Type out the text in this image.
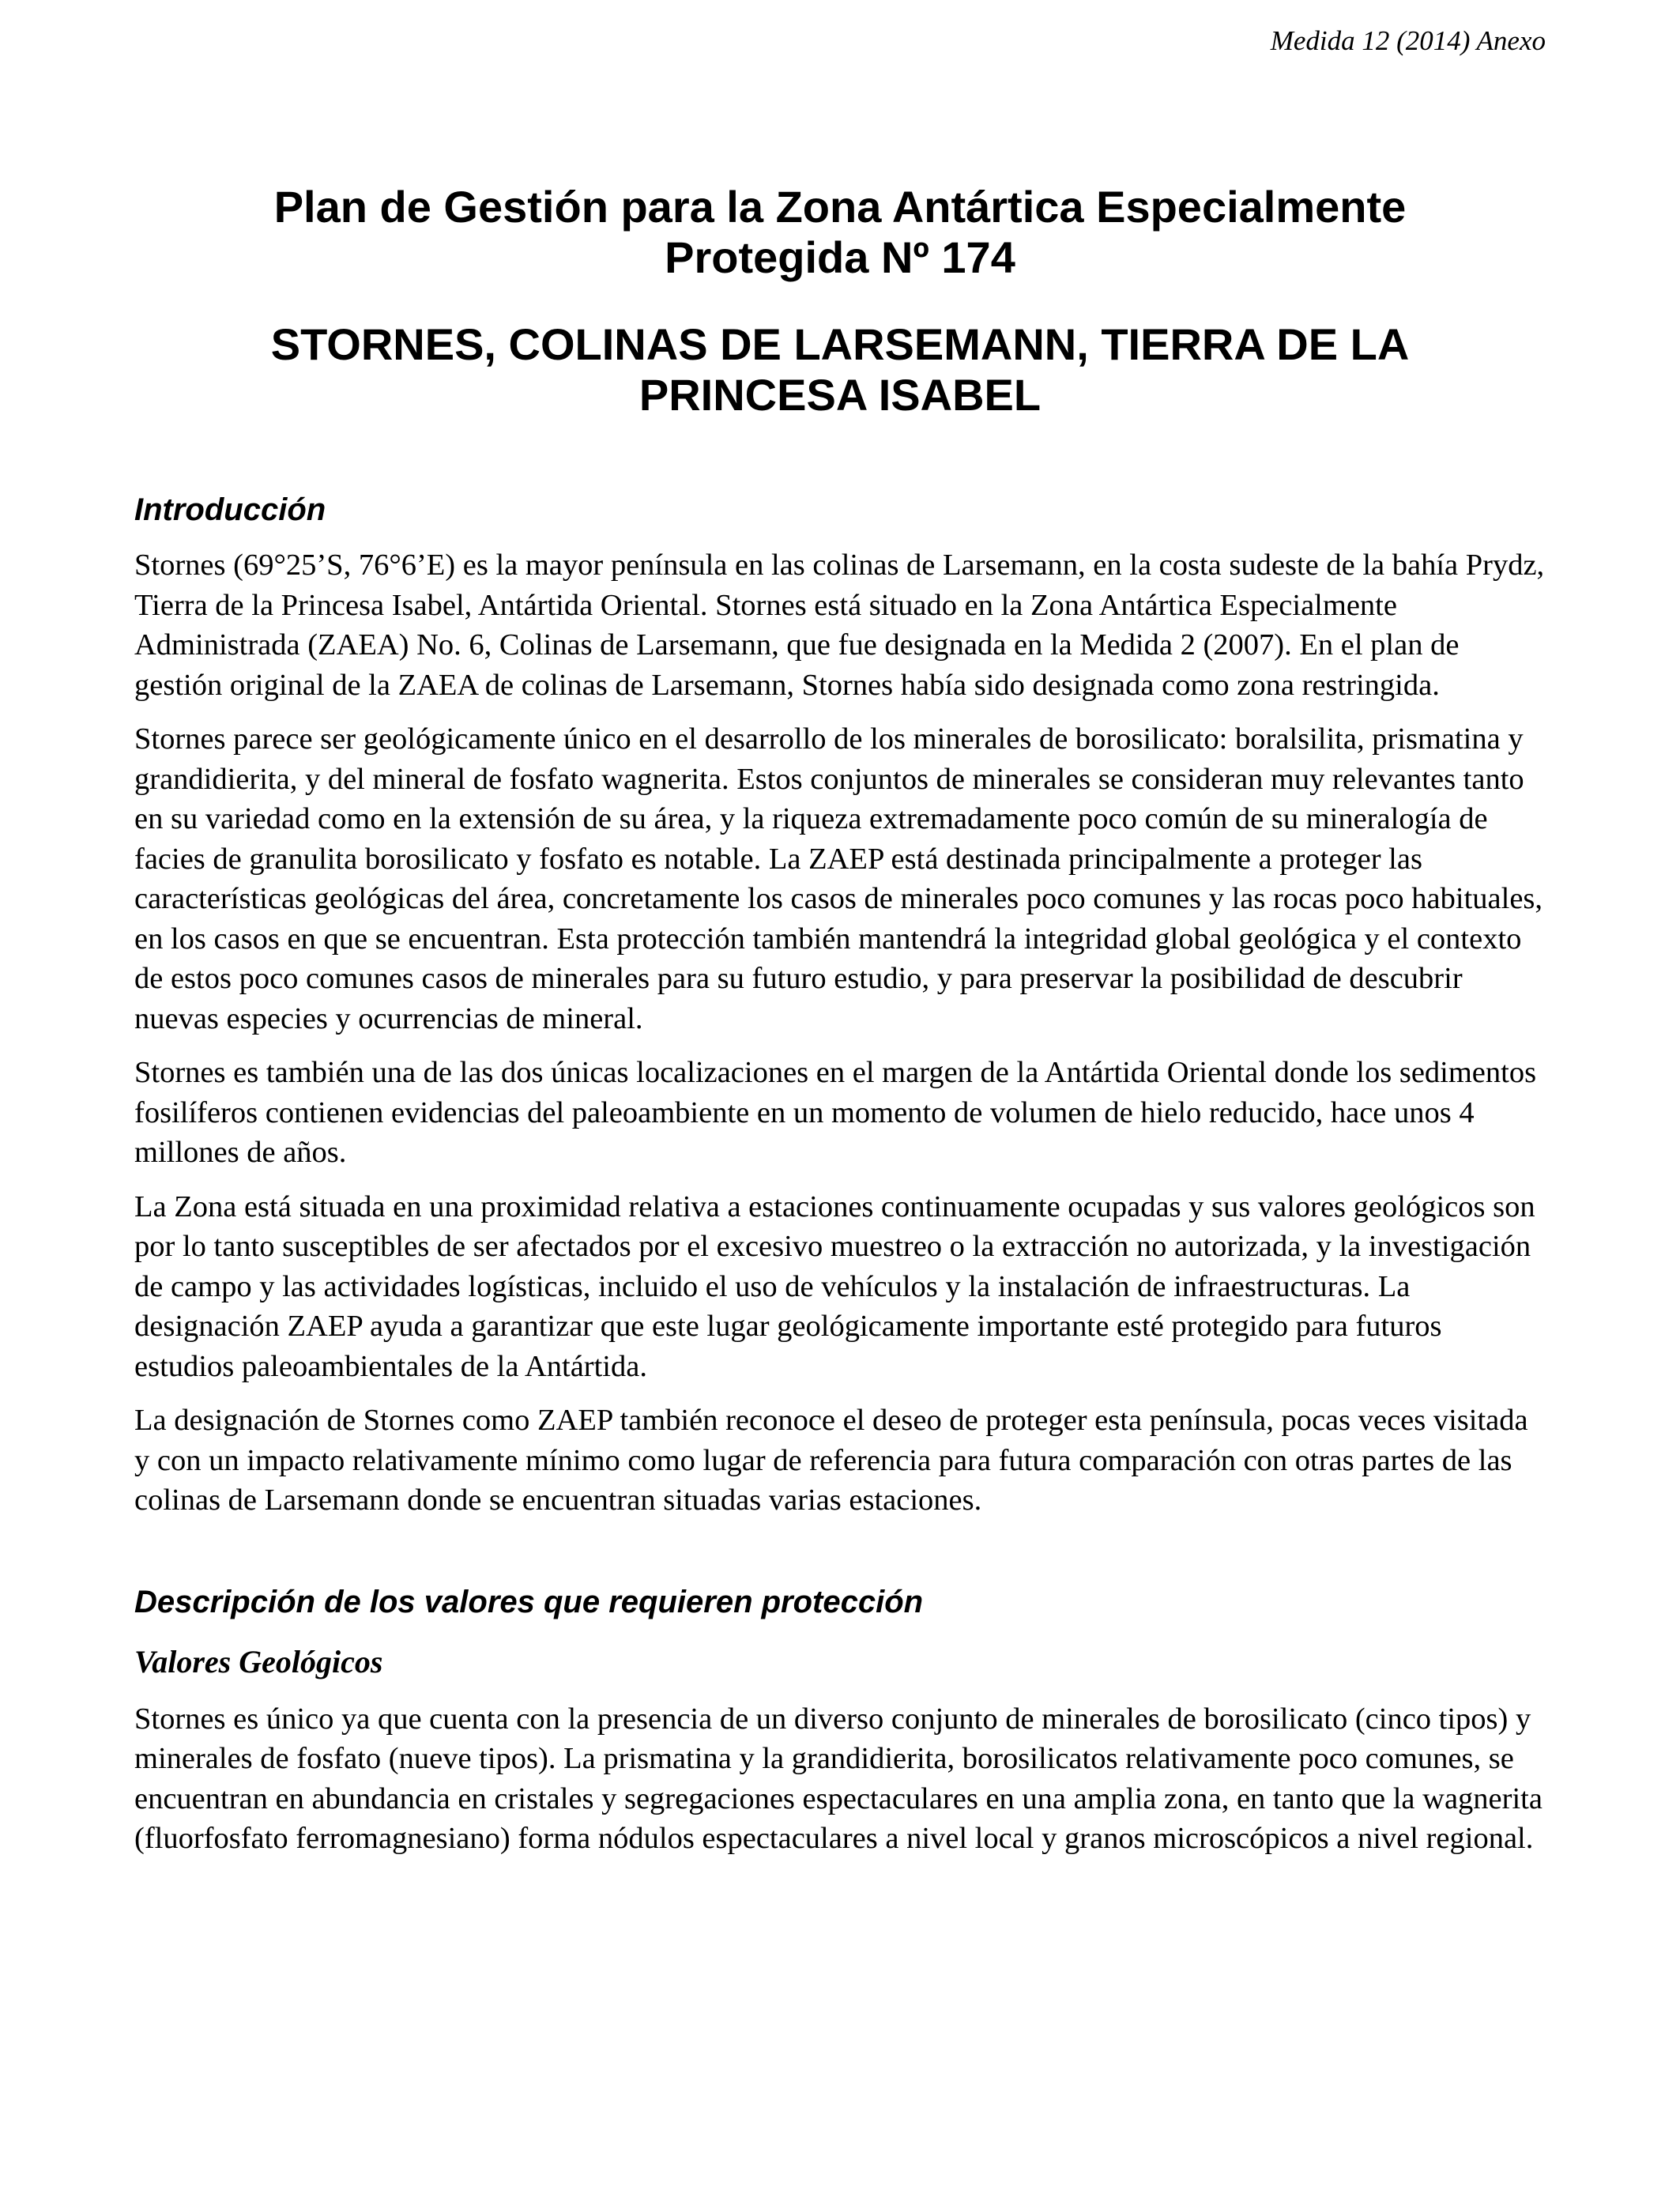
Medida 12 (2014) Anexo
Plan de Gestión para la Zona Antártica Especialmente Protegida Nº 174
STORNES, COLINAS DE LARSEMANN, TIERRA DE LA PRINCESA ISABEL
Introducción

Stornes (69°25’S, 76°6’E) es la mayor península en las colinas de Larsemann, en la costa sudeste de la bahía Prydz, Tierra de la Princesa Isabel, Antártida Oriental. Stornes está situado en la Zona Antártica Especialmente Administrada (ZAEA) No. 6, Colinas de Larsemann, que fue designada en la Medida 2 (2007). En el plan de gestión original de la ZAEA de colinas de Larsemann, Stornes había sido designada como zona restringida.

Stornes parece ser geológicamente único en el desarrollo de los minerales de borosilicato: boralsilita, prismatina y grandidierita, y del mineral de fosfato wagnerita. Estos conjuntos de minerales se consideran muy relevantes tanto en su variedad como en la extensión de su área, y la riqueza extremadamente poco común de su mineralogía de facies de granulita borosilicato y fosfato es notable. La ZAEP está destinada principalmente a proteger las características geológicas del área, concretamente los casos de minerales poco comunes y las rocas poco habituales, en los casos en que se encuentran. Esta protección también mantendrá la integridad global geológica y el contexto de estos poco comunes casos de minerales para su futuro estudio, y para preservar la posibilidad de descubrir nuevas especies y ocurrencias de mineral.

Stornes es también una de las dos únicas localizaciones en el margen de la Antártida Oriental donde los sedimentos fosilíferos contienen evidencias del paleoambiente en un momento de volumen de hielo reducido, hace unos 4 millones de años.

La Zona está situada en una proximidad relativa a estaciones continuamente ocupadas y sus valores geológicos son por lo tanto susceptibles de ser afectados por el excesivo muestreo o la extracción no autorizada, y la investigación de campo y las actividades logísticas, incluido el uso de vehículos y la instalación de infraestructuras. La designación ZAEP ayuda a garantizar que este lugar geológicamente importante esté protegido para futuros estudios paleoambientales de la Antártida.

La designación de Stornes como ZAEP también reconoce el deseo de proteger esta península, pocas veces visitada y con un impacto relativamente mínimo como lugar de referencia para futura comparación con otras partes de las colinas de Larsemann donde se encuentran situadas varias estaciones.

Descripción de los valores que requieren protección
Valores Geológicos

Stornes es único ya que cuenta con la presencia de un diverso conjunto de minerales de borosilicato (cinco tipos) y minerales de fosfato (nueve tipos). La prismatina y la grandidierita, borosilicatos relativamente poco comunes, se encuentran en abundancia en cristales y segregaciones espectaculares en una amplia zona, en tanto que la wagnerita (fluorfosfato ferromagnesiano) forma nódulos espectaculares a nivel local y granos microscópicos a nivel regional.
